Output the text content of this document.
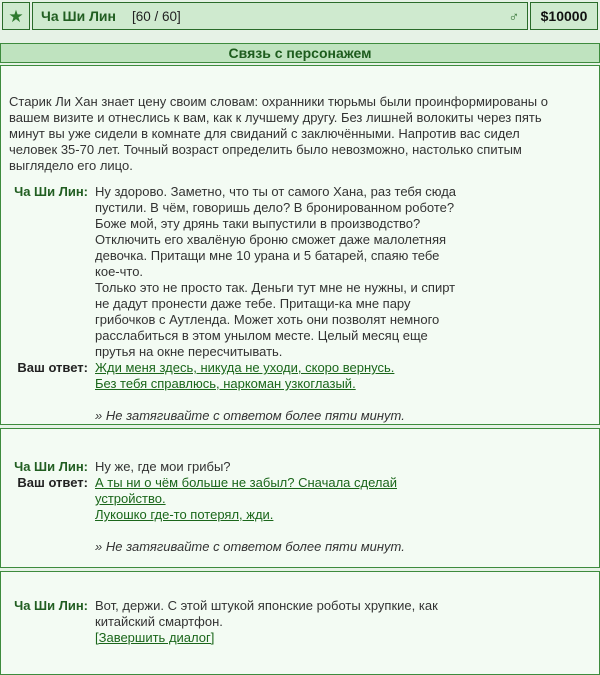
★ Ча Ши Лин [60 / 60]	♂	$10000
Связь с персонажем

Старик Ли Хан знает цену своим словам: охранники тюрьмы были проинформированы о вашем визите и отнеслись к вам, как к лучшему другу. Без лишней волокиты через пять минут вы уже сидели в комнате для свиданий с заключёнными. Напротив вас сидел человек 35-70 лет. Точный возраст определить было невозможно, настолько спитым выглядело его лицо.

Ча Ши Лин: Ну здорово. Заметно, что ты от самого Хана, раз тебя сюда пустили. В чём, говоришь дело? В бронированном роботе? Боже мой, эту дрянь таки выпустили в производство? Отключить его хвалёную броню сможет даже малолетняя девочка. Притащи мне 10 урана и 5 батарей, спаяю тебе кое-что.
Только это не просто так. Деньги тут мне не нужны, и спирт не дадут пронести даже тебе. Притащи-ка мне пару грибочков с Аутленда. Может хоть они позволят немного расслабиться в этом унылом месте. Целый месяц еще прутья на окне пересчитывать.
Ваш ответ: Жди меня здесь, никуда не уходи, скоро вернусь.
Без тебя справлюсь, наркоман узкоглазый.
» Не затягивайте с ответом более пяти минут.
Ча Ши Лин: Ну же, где мои грибы?
Ваш ответ: А ты ни о чём больше не забыл? Сначала сделай устройство.
Лукошко где-то потерял, жди.
» Не затягивайте с ответом более пяти минут.
Ча Ши Лин: Вот, держи. С этой штукой японские роботы хрупкие, как китайский смартфон.
[Завершить диалог]
